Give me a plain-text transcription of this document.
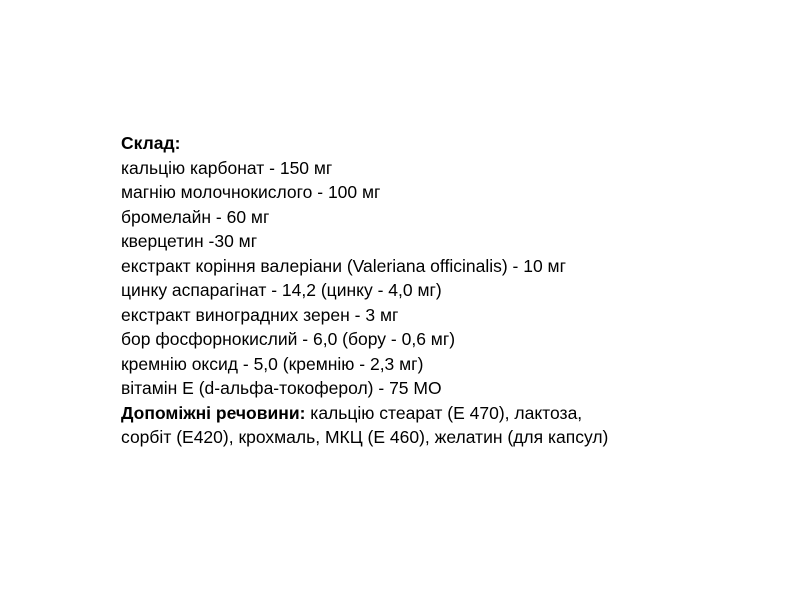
Склад:
кальцію карбонат - 150 мг
магнію молочнокислого - 100 мг
бромелайн - 60 мг
кверцетин -30 мг
екстракт коріння валеріани (Valeriana officinalis) - 10 мг
цинку аспарагінат - 14,2 (цинку - 4,0 мг)
екстракт виноградних зерен - 3 мг
бор фосфорнокислий - 6,0 (бору - 0,6 мг)
кремнію оксид - 5,0 (кремнію - 2,3 мг)
вітамін E (d-альфа-токоферол) - 75 МО
Допоміжні речовини: кальцію стеарат (E 470), лактоза,
сорбіт (E420), крохмаль, МКЦ (E 460), желатин (для капсул)
